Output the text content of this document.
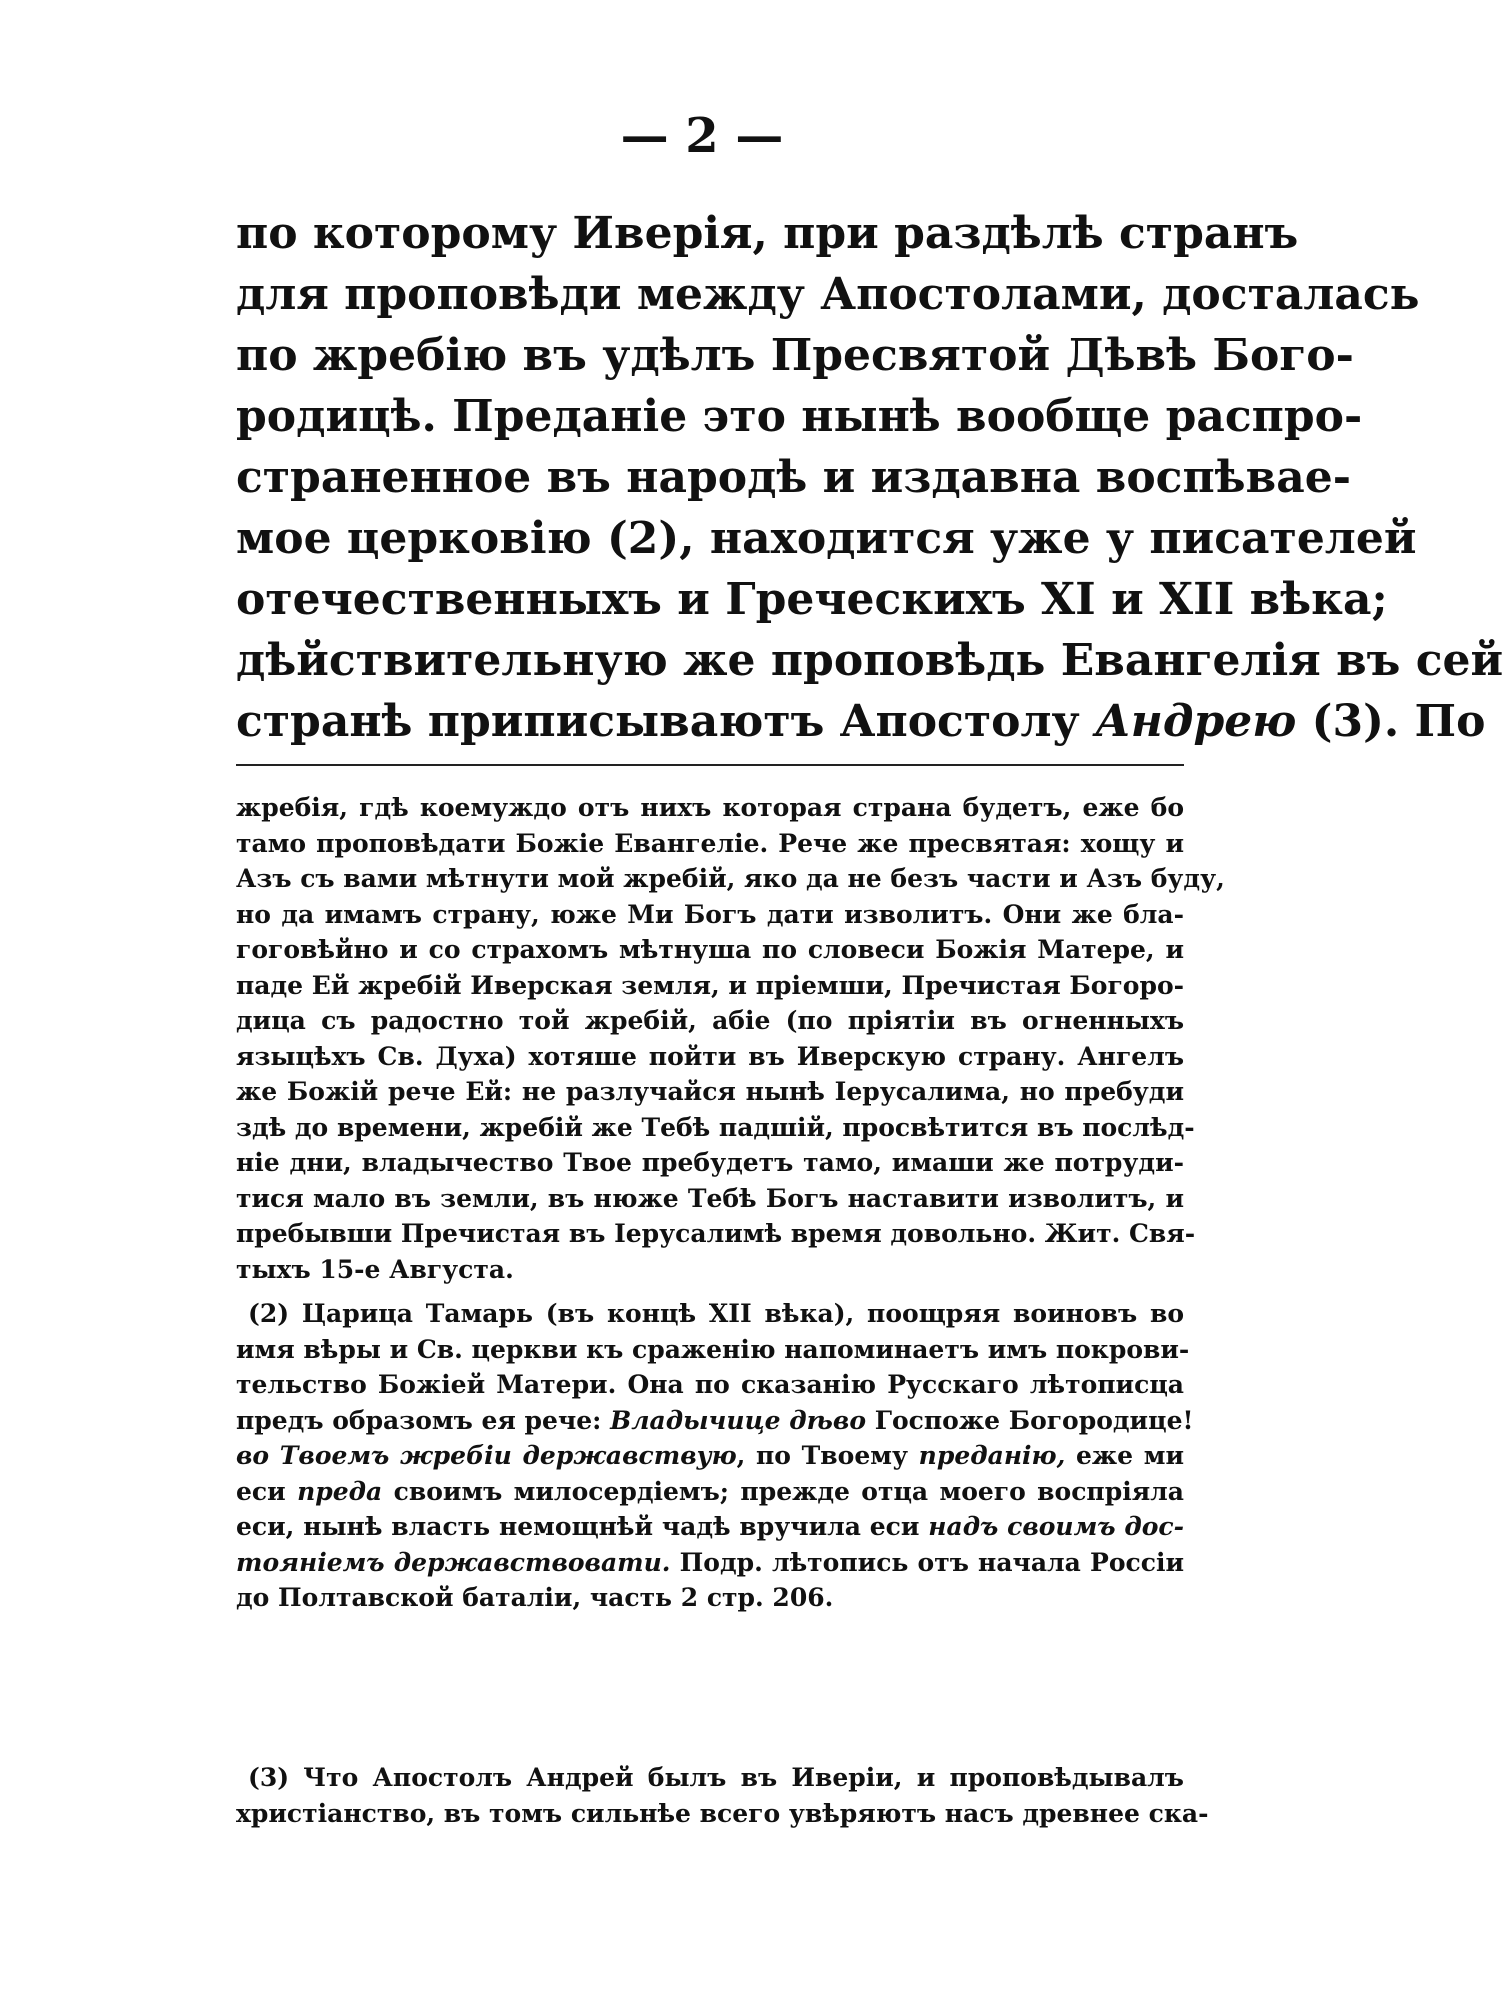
— 2 —
по которому Иверія, при раздѣлѣ странъ
для проповѣди между Апостолами, досталась
по жребію въ удѣлъ Пресвятой Дѣвѣ Бого-
родицѣ. Преданіе это нынѣ вообще распро-
страненное въ народѣ и издавна воспѣвае-
мое церковію (2), находится уже у писателей
отечественныхъ и Греческихъ XI и XII вѣка;
дѣйствительную же проповѣдь Евангелія въ сей
странѣ приписываютъ Апостолу Андрею (3). По
жребія, гдѣ коемуждо отъ нихъ которая страна будетъ, еже бо
тамо проповѣдати Божіе Евангеліе. Рече же пресвятая: хощу и
Азъ съ вами мѣтнути мой жребій, яко да не безъ части и Азъ буду,
но да имамъ страну, юже Ми Богъ дати изволитъ. Они же бла-
гоговѣйно и со страхомъ мѣтнуша по словеси Божія Матере, и
паде Ей жребій Иверская земля, и пріемши, Пречистая Богоро-
дица съ радостно той жребій, абіе (по пріятіи въ огненныхъ
языцѣхъ Св. Духа) хотяше пойти въ Иверскую страну. Ангелъ
же Божій рече Ей: не разлучайся нынѣ Іерусалима, но пребуди
здѣ до времени, жребій же Тебѣ падшій, просвѣтится въ послѣд-
ніе дни, владычество Твое пребудетъ тамо, имаши же потруди-
тися мало въ земли, въ нюже Тебѣ Богъ наставити изволитъ, и
пребывши Пречистая въ Іерусалимѣ время довольно. Жит. Свя-
тыхъ 15-е Августа.
(2) Царица Тамарь (въ концѣ XII вѣка), поощряя воиновъ во
имя вѣры и Св. церкви къ сраженію напоминаетъ имъ покрови-
тельство Божіей Матери. Она по сказанію Русскаго лѣтописца
предъ образомъ ея рече: Владычице дѣво Госпоже Богородице!
во Твоемъ жребіи державствую, по Твоему преданію, еже ми
еси преда своимъ милосердіемъ; прежде отца моего воспріяла
еси, нынѣ власть немощнѣй чадѣ вручила еси надъ своимъ дос-
тояніемъ державствовати. Подр. лѣтопись отъ начала Россіи
до Полтавской баталіи, часть 2 стр. 206.
(3) Что Апостолъ Андрей былъ въ Иверіи, и проповѣдывалъ
христіанство, въ томъ сильнѣе всего увѣряютъ насъ древнее ска-
